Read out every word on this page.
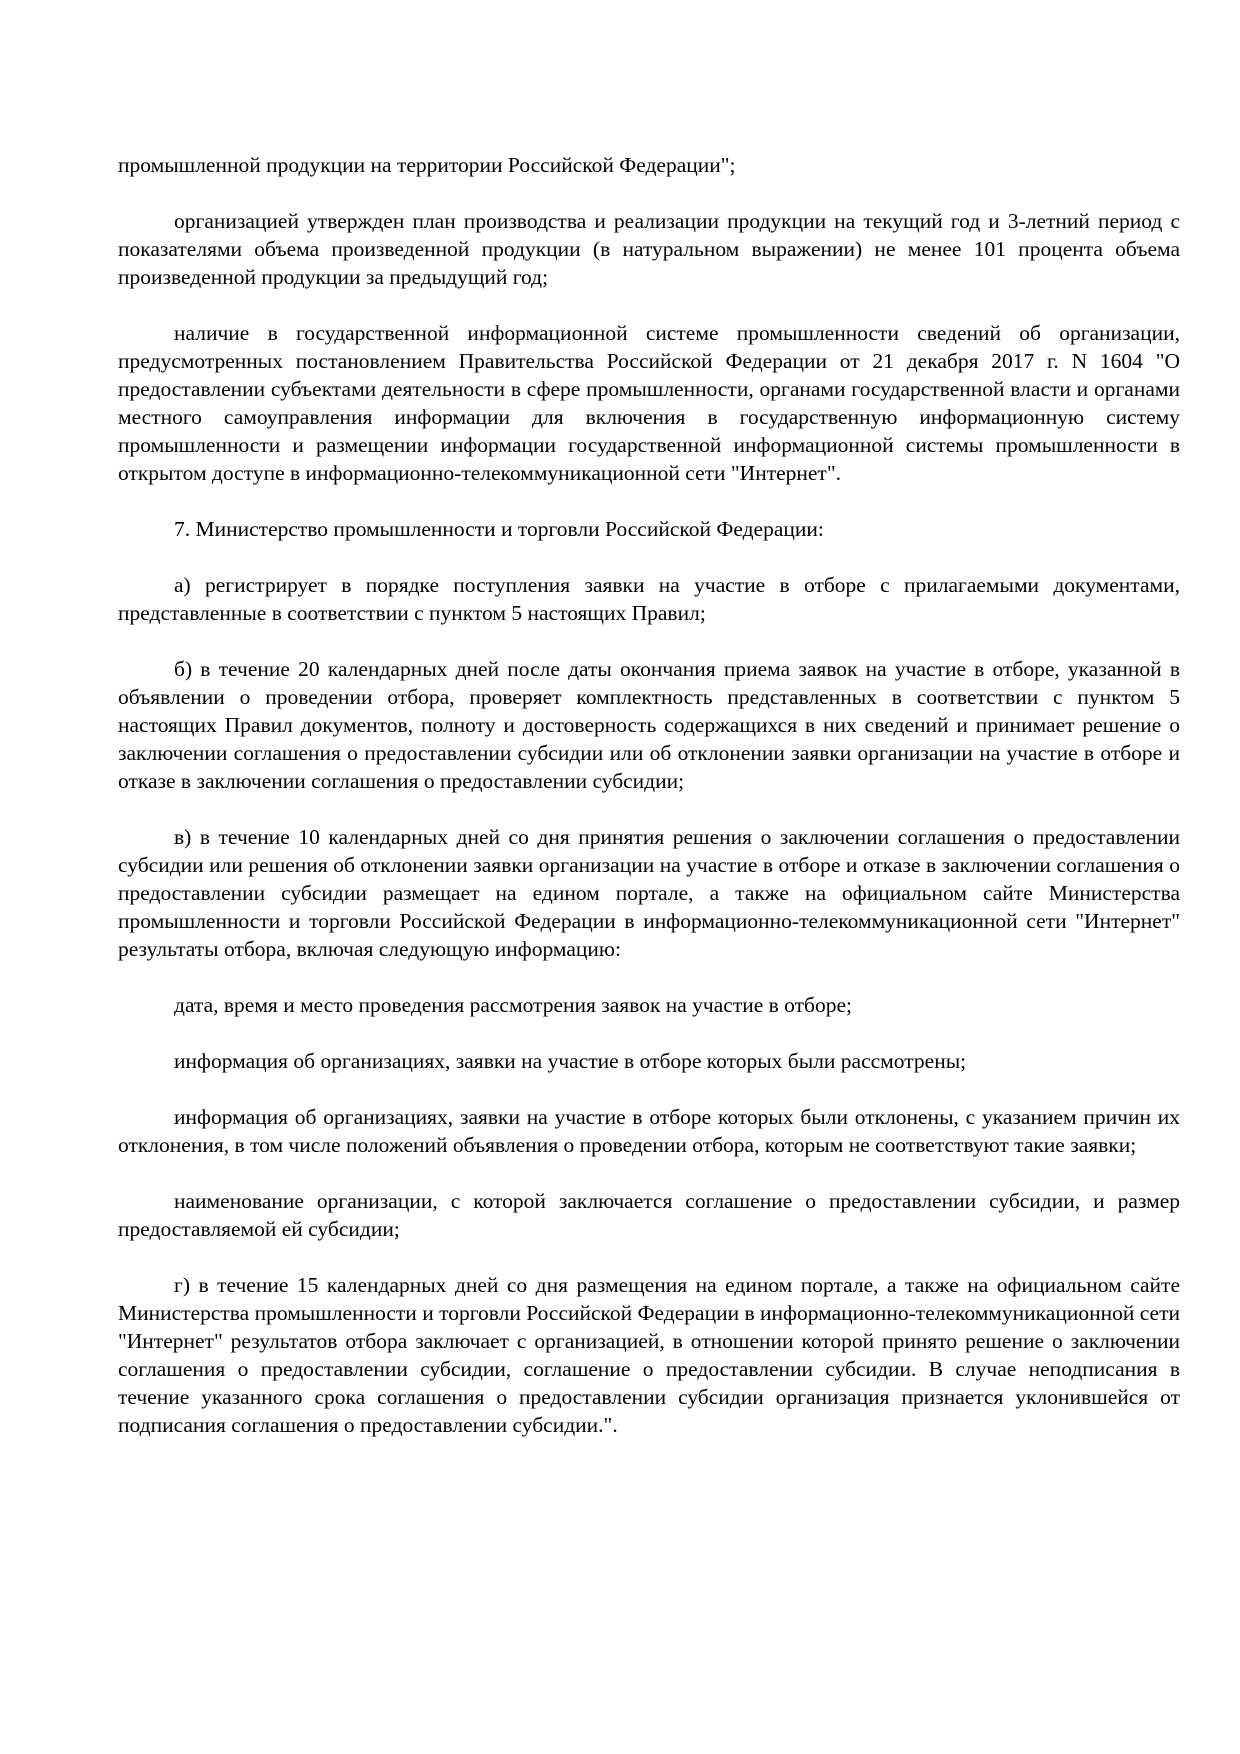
промышленной продукции на территории Российской Федерации";

организацией утвержден план производства и реализации продукции на текущий год и 3-летний период с показателями объема произведенной продукции (в натуральном выражении) не менее 101 процента объема произведенной продукции за предыдущий год;

наличие в государственной информационной системе промышленности сведений об организации, предусмотренных постановлением Правительства Российской Федерации от 21 декабря 2017 г. N 1604 "О предоставлении субъектами деятельности в сфере промышленности, органами государственной власти и органами местного самоуправления информации для включения в государственную информационную систему промышленности и размещении информации государственной информационной системы промышленности в открытом доступе в информационно-телекоммуникационной сети "Интернет".

7. Министерство промышленности и торговли Российской Федерации:

а) регистрирует в порядке поступления заявки на участие в отборе с прилагаемыми документами, представленные в соответствии с пунктом 5 настоящих Правил;

б) в течение 20 календарных дней после даты окончания приема заявок на участие в отборе, указанной в объявлении о проведении отбора, проверяет комплектность представленных в соответствии с пунктом 5 настоящих Правил документов, полноту и достоверность содержащихся в них сведений и принимает решение о заключении соглашения о предоставлении субсидии или об отклонении заявки организации на участие в отборе и отказе в заключении соглашения о предоставлении субсидии;

в) в течение 10 календарных дней со дня принятия решения о заключении соглашения о предоставлении субсидии или решения об отклонении заявки организации на участие в отборе и отказе в заключении соглашения о предоставлении субсидии размещает на едином портале, а также на официальном сайте Министерства промышленности и торговли Российской Федерации в информационно-телекоммуникационной сети "Интернет" результаты отбора, включая следующую информацию:

дата, время и место проведения рассмотрения заявок на участие в отборе;

информация об организациях, заявки на участие в отборе которых были рассмотрены;

информация об организациях, заявки на участие в отборе которых были отклонены, с указанием причин их отклонения, в том числе положений объявления о проведении отбора, которым не соответствуют такие заявки;

наименование организации, с которой заключается соглашение о предоставлении субсидии, и размер предоставляемой ей субсидии;

г) в течение 15 календарных дней со дня размещения на едином портале, а также на официальном сайте Министерства промышленности и торговли Российской Федерации в информационно-телекоммуникационной сети "Интернет" результатов отбора заключает с организацией, в отношении которой принято решение о заключении соглашения о предоставлении субсидии, соглашение о предоставлении субсидии. В случае неподписания в течение указанного срока соглашения о предоставлении субсидии организация признается уклонившейся от подписания соглашения о предоставлении субсидии.".
